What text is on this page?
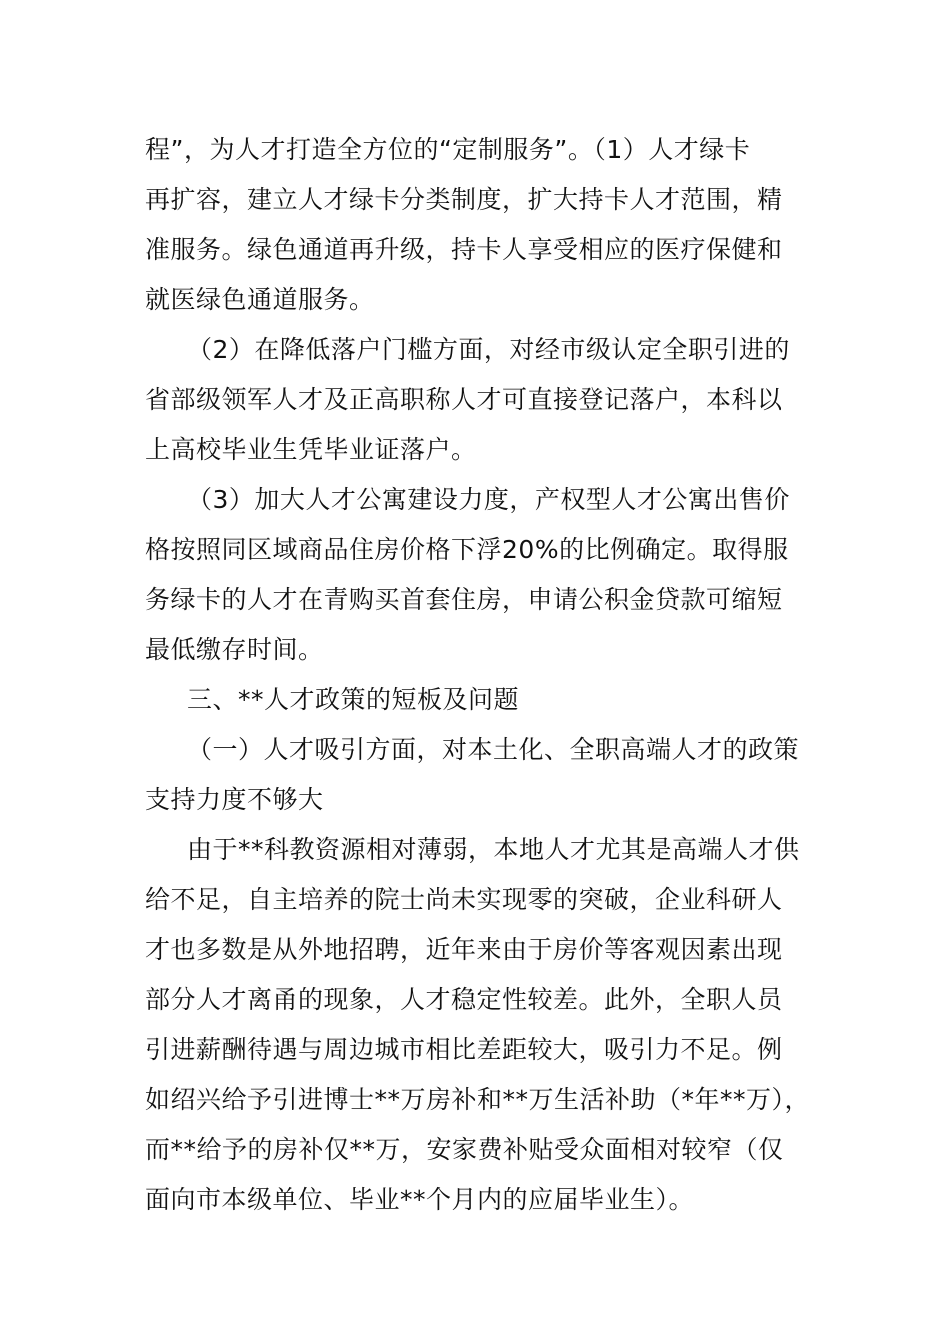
程”，为人才打造全方位的“定制服务”。（1）人才绿卡
再扩容，建立人才绿卡分类制度，扩大持卡人才范围，精
准服务。绿色通道再升级，持卡人享受相应的医疗保健和
就医绿色通道服务。
（2）在降低落户门槛方面，对经市级认定全职引进的
省部级领军人才及正高职称人才可直接登记落户，本科以
上高校毕业生凭毕业证落户。
（3）加大人才公寓建设力度，产权型人才公寓出售价
格按照同区域商品住房价格下浮20%的比例确定。取得服
务绿卡的人才在青购买首套住房，申请公积金贷款可缩短
最低缴存时间。
三、**人才政策的短板及问题
（一）人才吸引方面，对本土化、全职高端人才的政策
支持力度不够大
由于**科教资源相对薄弱，本地人才尤其是高端人才供
给不足，自主培养的院士尚未实现零的突破，企业科研人
才也多数是从外地招聘，近年来由于房价等客观因素出现
部分人才离甬的现象，人才稳定性较差。此外，全职人员
引进薪酬待遇与周边城市相比差距较大，吸引力不足。例
如绍兴给予引进博士**万房补和**万生活补助（*年**万），
而**给予的房补仅**万，安家费补贴受众面相对较窄（仅
面向市本级单位、毕业**个月内的应届毕业生）。
